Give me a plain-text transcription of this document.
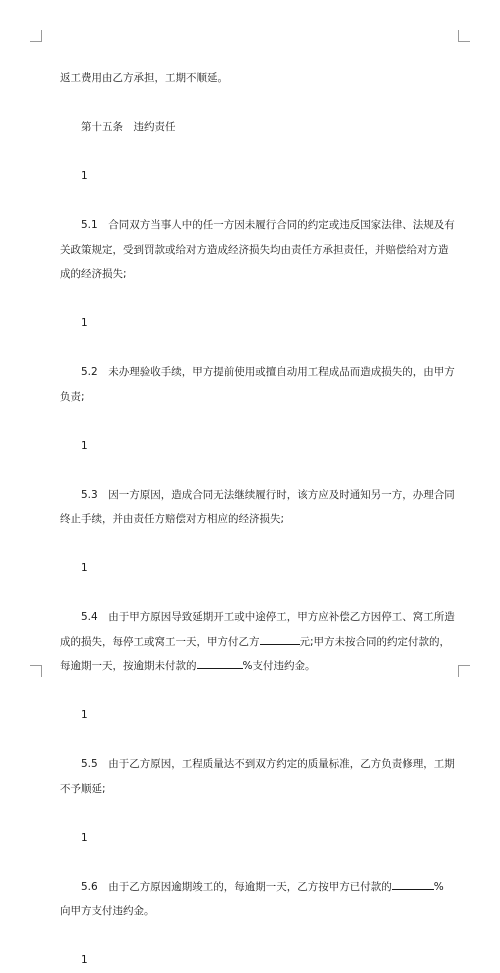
返工费用由乙方承担，工期不顺延。
第十五条　违约责任
1
5.1　合同双方当事人中的任一方因未履行合同的约定或违反国家法律、法规及有
关政策规定，受到罚款或给对方造成经济损失均由责任方承担责任，并赔偿给对方造
成的经济损失;
1
5.2　未办理验收手续，甲方提前使用或擅自动用工程成品而造成损失的，由甲方
负责;
1
5.3　因一方原因，造成合同无法继续履行时，该方应及时通知另一方，办理合同
终止手续，并由责任方赔偿对方相应的经济损失;
1
5.4　由于甲方原因导致延期开工或中途停工，甲方应补偿乙方因停工、窝工所造
成的损失，每停工或窝工一天，甲方付乙方	元;甲方未按合同的约定付款的，
每逾期一天，按逾期未付款的	%支付违约金。
1
5.5　由于乙方原因，工程质量达不到双方约定的质量标准，乙方负责修理，工期
不予顺延;
1
5.6　由于乙方原因逾期竣工的，每逾期一天，乙方按甲方已付款的	%
向甲方支付违约金。
1
